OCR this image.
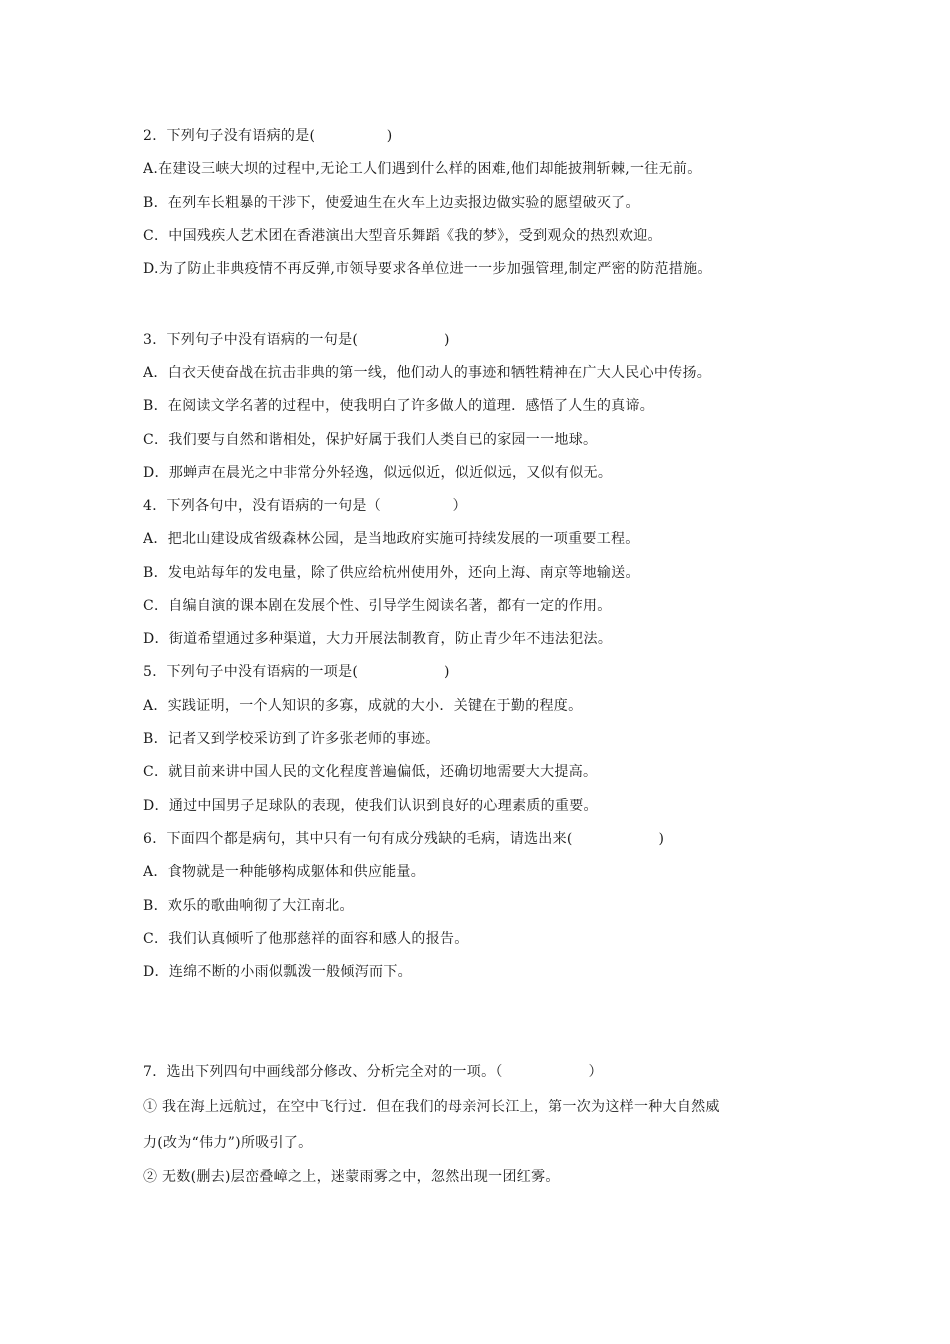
2．下列句子没有语病的是(　　　　　)
A.在建设三峡大坝的过程中,无论工人们遇到什么样的困难,他们却能披荆斩棘,一往无前。
B．在列车长粗暴的干涉下，使爱迪生在火车上边卖报边做实验的愿望破灭了。
C．中国残疾人艺术团在香港演出大型音乐舞蹈《我的梦》，受到观众的热烈欢迎。
D.为了防止非典疫情不再反弹,市领导要求各单位进一一步加强管理,制定严密的防范措施。
3．下列句子中没有语病的一句是(　　　　　　)
A．白衣天使奋战在抗击非典的第一线，他们动人的事迹和牺牲精神在广大人民心中传扬。
B．在阅读文学名著的过程中，使我明白了许多做人的道理．感悟了人生的真谛。
C．我们要与自然和谐相处，保护好属于我们人类自已的家园一一地球。
D．那蝉声在晨光之中非常分外轻逸，似远似近，似近似远，又似有似无。
4．下列各句中，没有语病的一句是（　　　　　）
A．把北山建设成省级森林公园，是当地政府实施可持续发展的一项重要工程。
B．发电站每年的发电量，除了供应给杭州使用外，还向上海、南京等地输送。
C．自编自演的课本剧在发展个性、引导学生阅读名著，都有一定的作用。
D．街道希望通过多种渠道，大力开展法制教育，防止青少年不违法犯法。
5．下列句子中没有语病的一项是(　　　　　　)
A．实践证明，一个人知识的多寡，成就的大小．关键在于勤的程度。
B．记者又到学校采访到了许多张老师的事迹。
C．就目前来讲中国人民的文化程度普遍偏低，还确切地需要大大提高。
D．通过中国男子足球队的表现，使我们认识到良好的心理素质的重要。
6．下面四个都是病句，其中只有一句有成分残缺的毛病，请选出来(　　　　　　)
A．食物就是一种能够构成躯体和供应能量。
B．欢乐的歌曲响彻了大江南北。
C．我们认真倾听了他那慈祥的面容和感人的报告。
D．连绵不断的小雨似瓢泼一般倾泻而下。
7．选出下列四句中画线部分修改、分析完全对的一项。（　　　　　　）
① 我在海上远航过，在空中飞行过．但在我们的母亲河长江上，第一次为这样一种大自然威
力(改为“伟力”)所吸引了。
② 无数(删去)层峦叠嶂之上，迷蒙雨雾之中，忽然出现一团红雾。
